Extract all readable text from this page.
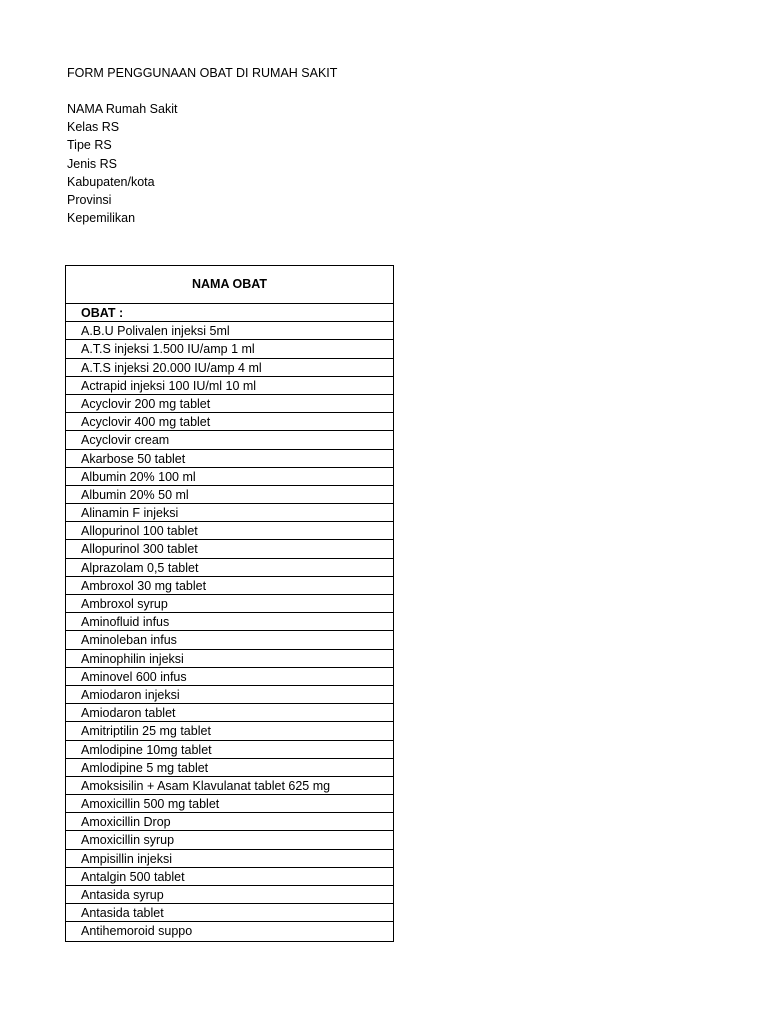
FORM PENGGUNAAN OBAT DI RUMAH SAKIT
NAMA Rumah Sakit
Kelas RS
Tipe RS
Jenis RS
Kabupaten/kota
Provinsi
Kepemilikan
NAMA OBAT
OBAT :
A.B.U Polivalen injeksi 5ml
A.T.S injeksi 1.500 IU/amp 1 ml
A.T.S injeksi 20.000 IU/amp 4 ml
Actrapid injeksi 100 IU/ml 10 ml
Acyclovir 200 mg tablet
Acyclovir 400 mg tablet
Acyclovir cream
Akarbose 50 tablet
Albumin 20% 100 ml
Albumin 20% 50 ml
Alinamin F injeksi
Allopurinol 100 tablet
Allopurinol 300 tablet
Alprazolam 0,5 tablet
Ambroxol 30 mg tablet
Ambroxol syrup
Aminofluid infus
Aminoleban infus
Aminophilin injeksi
Aminovel 600 infus
Amiodaron injeksi
Amiodaron tablet
Amitriptilin 25 mg tablet
Amlodipine 10mg tablet
Amlodipine 5 mg tablet
Amoksisilin + Asam Klavulanat tablet 625 mg
Amoxicillin 500 mg tablet
Amoxicillin Drop
Amoxicillin syrup
Ampisillin injeksi
Antalgin 500 tablet
Antasida syrup
Antasida tablet
Antihemoroid suppo
